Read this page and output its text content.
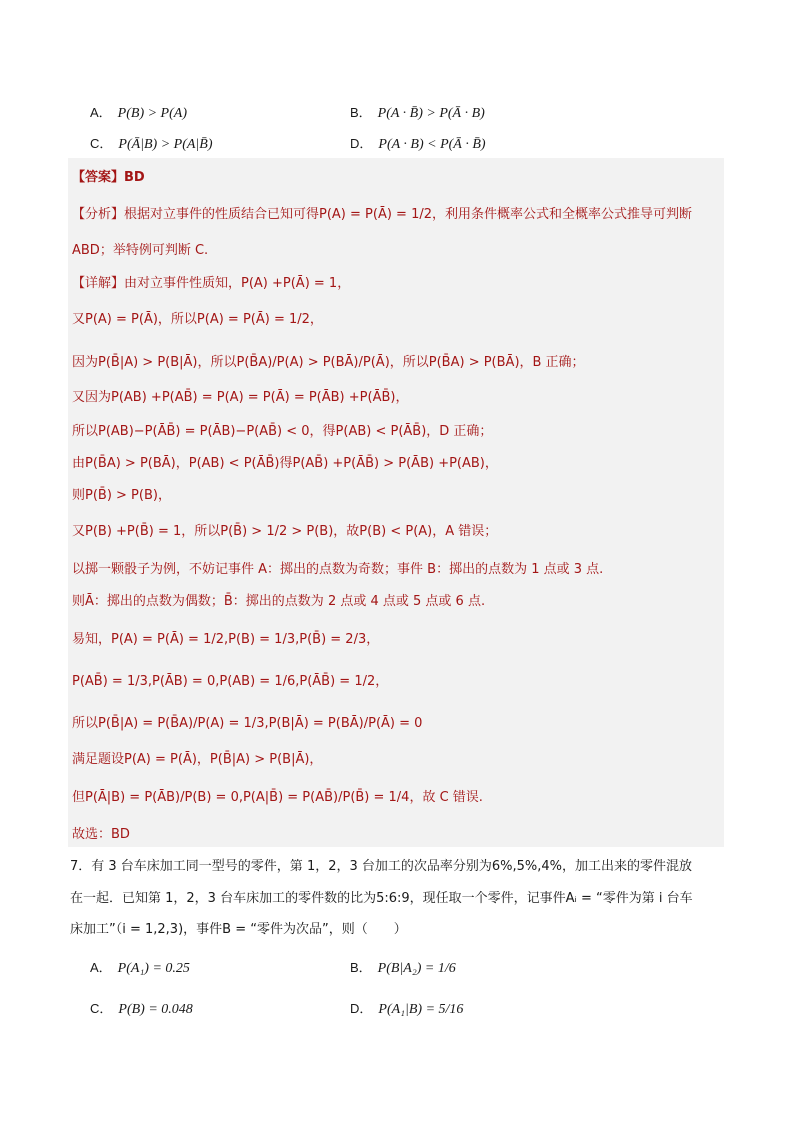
A． P(B) > P(A)	B． P(A · B̄) > P(Ā · B)
C． P(Ā|B) > P(A|B̄)	D． P(A · B) < P(Ā · B̄)
【答案】BD
【分析】根据对立事件的性质结合已知可得P(A) = P(Ā) = 1/2，利用条件概率公式和全概率公式推导可判断
ABD；举特例可判断 C.
【详解】由对立事件性质知，P(A) +P(Ā) = 1，
又P(A) = P(Ā)，所以P(A) = P(Ā) = 1/2，
因为P(B̄|A) > P(B|Ā)，所以P(B̄A)/P(A) > P(BĀ)/P(Ā)，所以P(B̄A) > P(BĀ)，B 正确；
又因为P(AB) +P(AB̄) = P(A) = P(Ā) = P(ĀB) +P(ĀB̄)，
所以P(AB)−P(ĀB̄) = P(ĀB)−P(AB̄) < 0，得P(AB) < P(ĀB̄)，D 正确；
由P(B̄A) > P(BĀ)，P(AB) < P(ĀB̄)得P(AB̄) +P(ĀB̄) > P(ĀB) +P(AB)，
则P(B̄) > P(B)，
又P(B) +P(B̄) = 1，所以P(B̄) > 1/2 > P(B)，故P(B) < P(A)，A 错误；
以掷一颗骰子为例，不妨记事件 A：掷出的点数为奇数；事件 B：掷出的点数为 1 点或 3 点.
则Ā：掷出的点数为偶数；B̄：掷出的点数为 2 点或 4 点或 5 点或 6 点.
易知，P(A) = P(Ā) = 1/2,P(B) = 1/3,P(B̄) = 2/3，
P(AB̄) = 1/3,P(ĀB) = 0,P(AB) = 1/6,P(ĀB̄) = 1/2，
所以P(B̄|A) = P(B̄A)/P(A) = 1/3,P(B|Ā) = P(BĀ)/P(Ā) = 0
满足题设P(A) = P(Ā)，P(B̄|A) > P(B|Ā)，
但P(Ā|B) = P(ĀB)/P(B) = 0,P(A|B̄) = P(AB̄)/P(B̄) = 1/4，故 C 错误.
故选：BD
7．有 3 台车床加工同一型号的零件，第 1，2，3 台加工的次品率分别为6%,5%,4%，加工出来的零件混放
在一起．已知第 1，2，3 台车床加工的零件数的比为5:6:9，现任取一个零件，记事件Aᵢ = “零件为第 i 台车
床加工”（i = 1,2,3)，事件B = “零件为次品”，则（　　）
A． P(A₁) = 0.25	B． P(B|A₂) = 1/6
C． P(B) = 0.048	D． P(A₁|B) = 5/16
